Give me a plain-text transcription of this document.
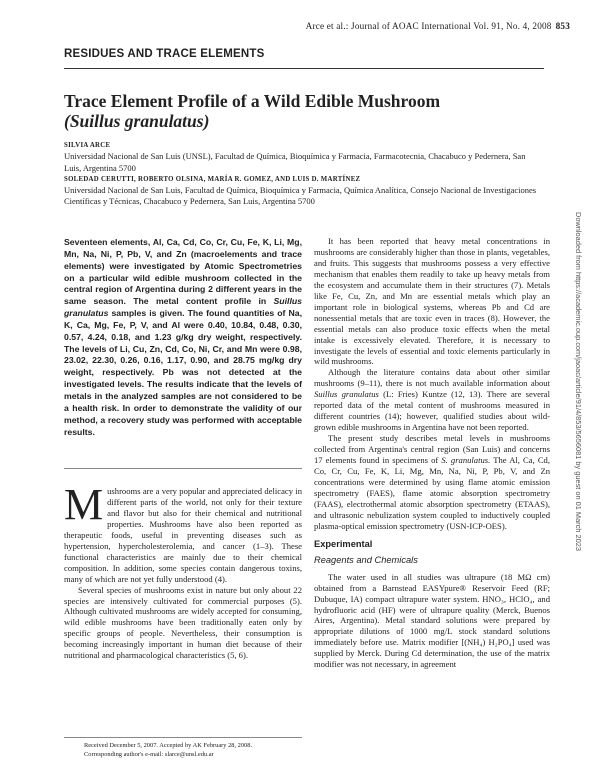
Arce et al.: Journal of AOAC International Vol. 91, No. 4, 2008 853
RESIDUES AND TRACE ELEMENTS
Trace Element Profile of a Wild Edible Mushroom
(Suillus granulatus)
SILVIA ARCE
Universidad Nacional de San Luis (UNSL), Facultad de Química, Bioquímica y Farmacia, Farmacotecnia, Chacabuco y Pedernera, San Luis, Argentina 5700
SOLEDAD CERUTTI, ROBERTO OLSINA, MARÍA R. GOMEZ, AND LUIS D. MARTÍNEZ
Universidad Nacional de San Luis, Facultad de Química, Bioquímica y Farmacia, Química Analítica, Consejo Nacional de Investigaciones Científicas y Técnicas, Chacabuco y Pedernera, San Luis, Argentina 5700

Seventeen elements, Al, Ca, Cd, Co, Cr, Cu, Fe, K, Li, Mg, Mn, Na, Ni, P, Pb, V, and Zn (macroelements and trace elements) were investigated by Atomic Spectrometries on a particular wild edible mushroom collected in the central region of Argentina during 2 different years in the same season. The metal content profile in Suillus granulatus samples is given. The found quantities of Na, K, Ca, Mg, Fe, P, V, and Al were 0.40, 10.84, 0.48, 0.30, 0.57, 4.24, 0.18, and 1.23 g/kg dry weight, respectively. The levels of Li, Cu, Zn, Cd, Co, Ni, Cr, and Mn were 0.98, 23.02, 22.30, 0.26, 0.16, 1.17, 0.90, and 28.75 mg/kg dry weight, respectively. Pb was not detected at the investigated levels. The results indicate that the levels of metals in the analyzed samples are not considered to be a health risk. In order to demonstrate the validity of our method, a recovery study was performed with acceptable results.

Mushrooms are a very popular and appreciated delicacy in different parts of the world, not only for their texture and flavor but also for their chemical and nutritional properties. Mushrooms have also been reported as therapeutic foods, useful in preventing diseases such as hypertension, hypercholesterolemia, and cancer (1–3). These functional characteristics are mainly due to their chemical composition. In addition, some species contain dangerous toxins, many of which are not yet fully understood (4).

Several species of mushrooms exist in nature but only about 22 species are intensively cultivated for commercial purposes (5). Although cultivated mushrooms are widely accepted for consuming, wild edible mushrooms have been traditionally eaten only by specific groups of people. Nevertheless, their consumption is becoming increasingly important in human diet because of their nutritional and pharmacological characteristics (5, 6).

Received December 5, 2007. Accepted by AK February 28, 2008.
Corresponding author's e-mail: slarce@unsl.edu.ar

It has been reported that heavy metal concentrations in mushrooms are considerably higher than those in plants, vegetables, and fruits. This suggests that mushrooms possess a very effective mechanism that enables them readily to take up heavy metals from the ecosystem and accumulate them in their structures (7). Metals like Fe, Cu, Zn, and Mn are essential metals which play an important role in biological systems, whereas Pb and Cd are nonessential metals that are toxic even in traces (8). However, the essential metals can also produce toxic effects when the metal intake is excessively elevated. Therefore, it is necessary to investigate the levels of essential and toxic elements particularly in wild mushrooms.

Although the literature contains data about other similar mushrooms (9–11), there is not much available information about Suillus granulatus (L: Fries) Kuntze (12, 13). There are several reported data of the metal content of mushrooms measured in different countries (14); however, qualified studies about wild-grown edible mushrooms in Argentina have not been reported.

The present study describes metal levels in mushrooms collected from Argentina's central region (San Luis) and concerns 17 elements found in specimens of S. granulatus. The Al, Ca, Cd, Co, Cr, Cu, Fe, K, Li, Mg, Mn, Na, Ni, P, Pb, V, and Zn concentrations were determined by using flame atomic emission spectrometry (FAES), flame atomic absorption spectrometry (FAAS), electrothermal atomic absorption spectrometry (ETAAS), and ultrasonic nebulization system coupled to inductively coupled plasma-optical emission spectrometry (USN-ICP-OES).

Experimental
Reagents and Chemicals

The water used in all studies was ultrapure (18 MΩ cm) obtained from a Barnstead EASYpure® Reservoir Feed (RF; Dubuque, IA) compact ultrapure water system. HNO₃, HClO₄, and hydrofluoric acid (HF) were of ultrapure quality (Merck, Buenos Aires, Argentina). Metal standard solutions were prepared by appropriate dilutions of 1000 mg/L stock standard solutions immediately before use. Matrix modifier [(NH₄) H₂PO₄] used was supplied by Merck. During Cd determination, the use of the matrix modifier was not necessary, in agreement

Downloaded from https://academic.oup.com/jaoac/article/91/4/853/5656081 by guest on 01 March 2023
